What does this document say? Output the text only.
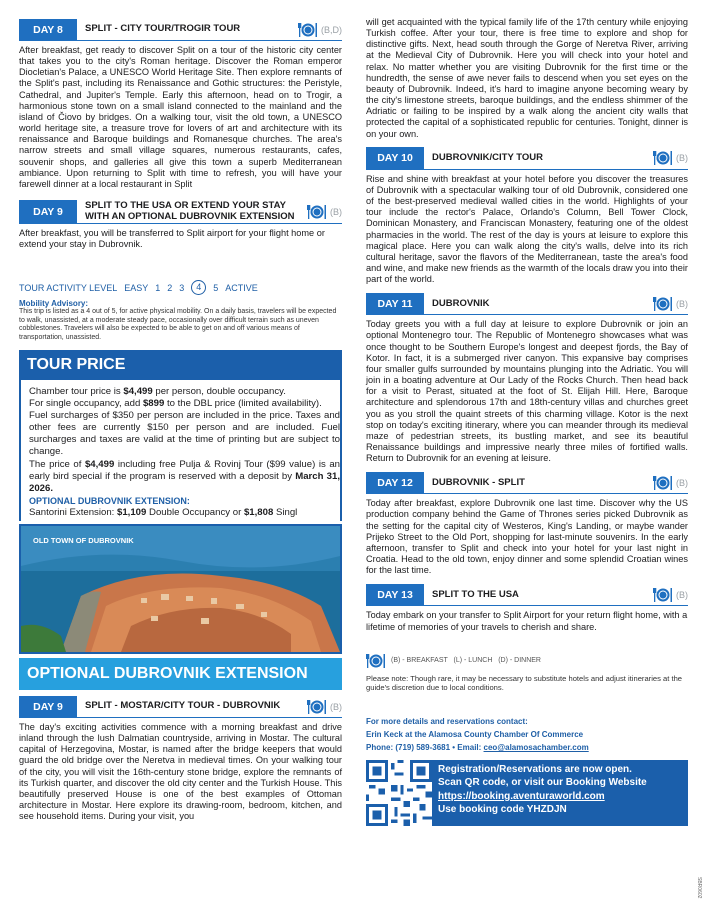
DAY 8	SPLIT - CITY TOUR/TROGIR TOUR	(B,D)

After breakfast, get ready to discover Split on a tour of the historic city center that takes you to the city's Roman heritage. Discover the Roman emperor Diocletian's Palace, a UNESCO World Heritage Site. Then explore remnants of the Split's past, including its Renaissance and Gothic structures: the Peristyle, Cathedral, and Jupiter's Temple. Early this afternoon, head on to Trogir, a harmonious stone town on a small island connected to the mainland and the island of Čiovo by bridges. On a walking tour, visit the old town, a UNESCO world heritage site, a treasure trove for lovers of art and architecture with its renaissance and Baroque buildings and Romanesque churches. The area's narrow streets and small village squares, numerous restaurants, cafes, souvenir shops, and galleries all give this town a superb Mediterranean ambiance. Upon returning to Split with time to refresh, you will have your farewell dinner at a local restaurant in Split

DAY 9	SPLIT TO THE USA OR EXTEND YOUR STAY
WITH AN OPTIONAL DUBROVNIK EXTENSION	(B)

After breakfast, you will be transferred to Split airport for your flight home or extend your stay in Dubrovnik.

TOUR ACTIVITY LEVEL EASY 1 2 3	4	5 ACTIVE
Mobility Advisory:
This trip is listed as a 4 out of 5, for active physical mobility. On a daily basis, travelers will be expected to walk, unassisted, at a moderate steady pace, occasionally over difficult terrain such as uneven cobblestones. Travelers will also be expected to be able to get on and off various means of transportation, unassisted.
TOUR PRICE
Chamber tour price is $4,499 per person, double occupancy.
For single occupancy, add $899 to the DBL price (limited availability).
Fuel surcharges of $350 per person are included in the price. Taxes and other fees are currently $150 per person and are included. Fuel surcharges and taxes are valid at the time of printing but are subject to change.
The price of $4,499 including free Pulja & Rovinj Tour ($99 value) is an early bird special if the program is reserved with a deposit by March 31, 2026.
OPTIONAL DUBROVNIK EXTENSION:
Santorini Extension: $1,109 Double Occupancy or $1,808 Singl
OLD TOWN OF DUBROVNIK
OPTIONAL DUBROVNIK EXTENSION
DAY 9	SPLIT - MOSTAR/CITY TOUR - DUBROVNIK	(B)

The day's exciting activities commence with a morning breakfast and drive inland through the lush Dalmatian countryside, arriving in Mostar. The cultural capital of Herzegovina, Mostar, is named after the bridge keepers that would guard the old bridge over the Neretva in medieval times. On your walking tour of the city, you will visit the 16th-century stone bridge, explore the remnants of its Turkish quarter, and discover the old city center and the Turkish House. This beautifully preserved House is one of the best examples of Ottoman architecture in Mostar. Here explore its drawing-room, bedroom, kitchen, and see household items. During your visit, you

will get acquainted with the typical family life of the 17th century while enjoying Turkish coffee. After your tour, there is free time to explore and shop for distinctive gifts. Next, head south through the Gorge of Neretva River, arriving at the Medieval City of Dubrovnik. Here you will check into your hotel and relax. No matter whether you are visiting Dubrovnik for the first time or the hundredth, the sense of awe never fails to descend when you set eyes on the beauty of Dubrovnik. Indeed, it's hard to imagine anyone becoming weary by the city's limestone streets, baroque buildings, and the endless shimmer of the Adriatic or failing to be inspired by a walk along the ancient city walls that protected the capital of a sophisticated republic for centuries. Tonight, dinner is on your own.

DAY 10	DUBROVNIK/CITY TOUR	(B)

Rise and shine with breakfast at your hotel before you discover the treasures of Dubrovnik with a spectacular walking tour of old Dubrovnik, considered one of the best-preserved medieval walled cities in the world. Highlights of your tour include the rector's Palace, Orlando's Column, Bell Tower Clock, Dominican Monastery, and Franciscan Monastery, featuring one of the oldest pharmacies in the world. The rest of the day is yours at leisure to explore this magical place. Here you can walk along the city's walls, delve into its rich cultural heritage, savor the flavors of the Mediterranean, taste the area's food and wine, and make new friends as the warmth of the locals draw you into their part of the world.

DAY 11	DUBROVNIK	(B)

Today greets you with a full day at leisure to explore Dubrovnik or join an optional Montenegro tour. The Republic of Montenegro showcases what was once thought to be Southern Europe's longest and deepest fjords, the Bay of Kotor. In fact, it is a submerged river canyon. This expansive bay comprises four smaller gulfs surrounded by mountains plunging into the Adriatic. You will join in a boating adventure at Our Lady of the Rocks Church. Then head back for a visit to Perast, situated at the foot of St. Elijah Hill. Here, Baroque architecture and splendorous 17th and 18th-century villas and churches greet you as you stroll the quaint streets of this charming village. Kotor is the next stop on today's exciting itinerary, where you can meander through its medieval maze of pedestrian streets, its bustling market, and see its beautiful Renaissance buildings and impressive nearly three miles of fortified walls. Return to Dubrovnik for an evening at leisure.

DAY 12	DUBROVNIK - SPLIT	(B)

Today after breakfast, explore Dubrovnik one last time. Discover why the US production company behind the Game of Thrones series picked Dubrovnik as the setting for the capital city of Westeros, King's Landing, or maybe wander Prijeko Street to the Old Port, shopping for last-minute souvenirs. In the early afternoon, transfer to Split and check into your hotel for your last night in Croatia. Head to the old town, enjoy dinner and some splendid Croatian wines for the last time.

DAY 13	SPLIT TO THE USA	(B)

Today embark on your transfer to Split Airport for your return flight home, with a lifetime of memories of your travels to cherish and share.

(B) - BREAKFAST   (L) - LUNCH   (D) - DINNER
Please note: Though rare, it may be necessary to substitute hotels and adjust itineraries at the guide's discretion due to local conditions.
For more details and reservations contact:
Erin Keck at the Alamosa County Chamber Of Commerce
Phone: (719) 589-3681 • Email: ceo@alamosachamber.com
Registration/Reservations are now open.
Scan QR code, or visit our Booking Website
https://booking.aventuraworld.com
Use booking code YHZDJN
SBR0602
